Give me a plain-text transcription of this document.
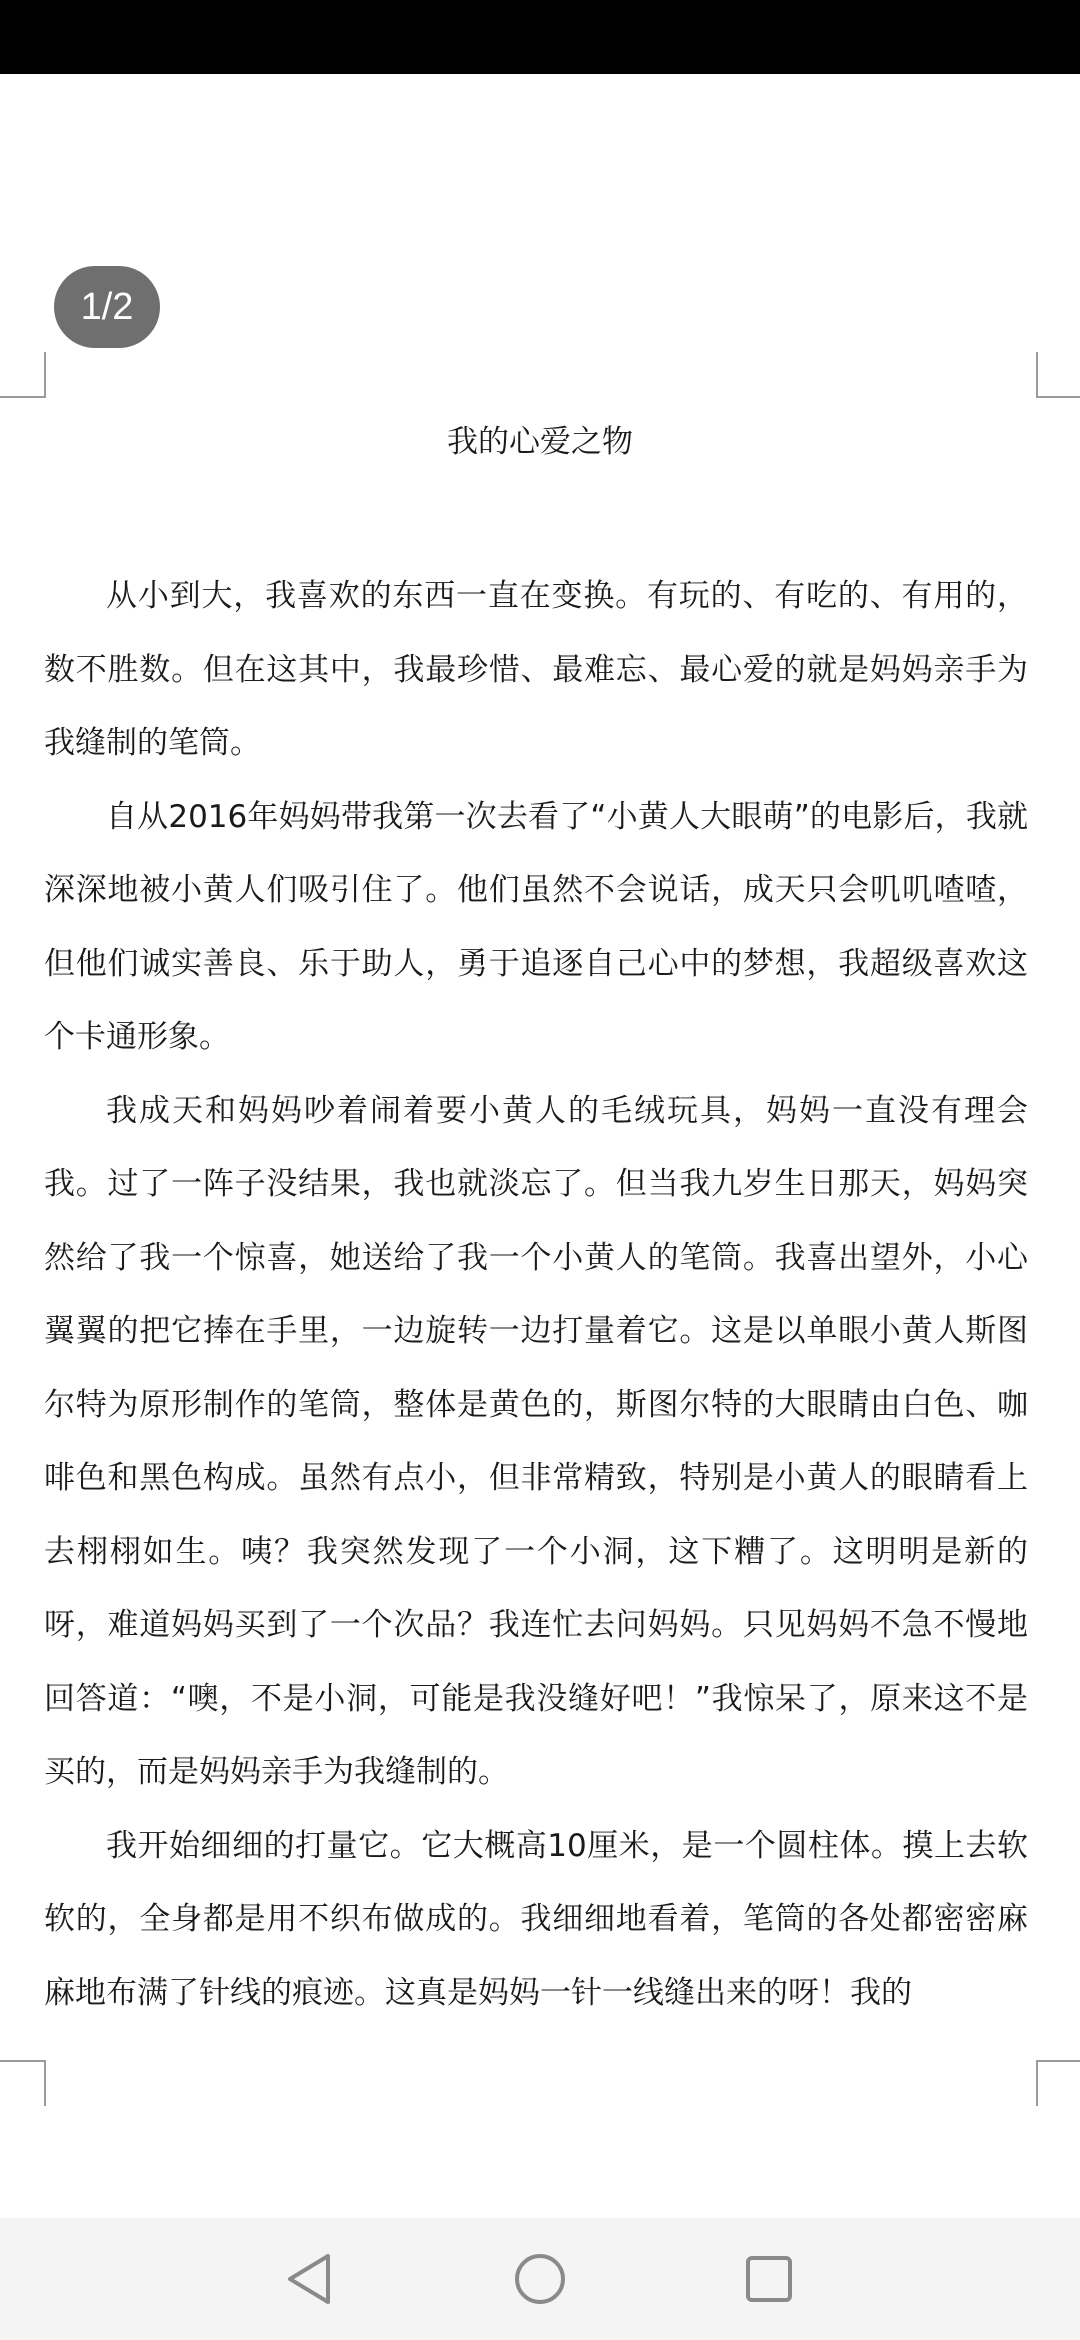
1/2
我的心爱之物

从小到大，我喜欢的东西一直在变换。有玩的、有吃的、有用的，数不胜数。但在这其中，我最珍惜、最难忘、最心爱的就是妈妈亲手为我缝制的笔筒。

自从2016年妈妈带我第一次去看了“小黄人大眼萌”的电影后，我就深深地被小黄人们吸引住了。他们虽然不会说话，成天只会叽叽喳喳，但他们诚实善良、乐于助人，勇于追逐自己心中的梦想，我超级喜欢这个卡通形象。

我成天和妈妈吵着闹着要小黄人的毛绒玩具，妈妈一直没有理会我。过了一阵子没结果，我也就淡忘了。但当我九岁生日那天，妈妈突然给了我一个惊喜，她送给了我一个小黄人的笔筒。我喜出望外，小心翼翼的把它捧在手里，一边旋转一边打量着它。这是以单眼小黄人斯图尔特为原形制作的笔筒，整体是黄色的，斯图尔特的大眼睛由白色、咖啡色和黑色构成。虽然有点小，但非常精致，特别是小黄人的眼睛看上去栩栩如生。咦？我突然发现了一个小洞，这下糟了。这明明是新的呀，难道妈妈买到了一个次品？我连忙去问妈妈。只见妈妈不急不慢地回答道：“噢，不是小洞，可能是我没缝好吧！”我惊呆了，原来这不是买的，而是妈妈亲手为我缝制的。

我开始细细的打量它。它大概高10厘米，是一个圆柱体。摸上去软软的，全身都是用不织布做成的。我细细地看着，笔筒的各处都密密麻麻地布满了针线的痕迹。这真是妈妈一针一线缝出来的呀！我的
